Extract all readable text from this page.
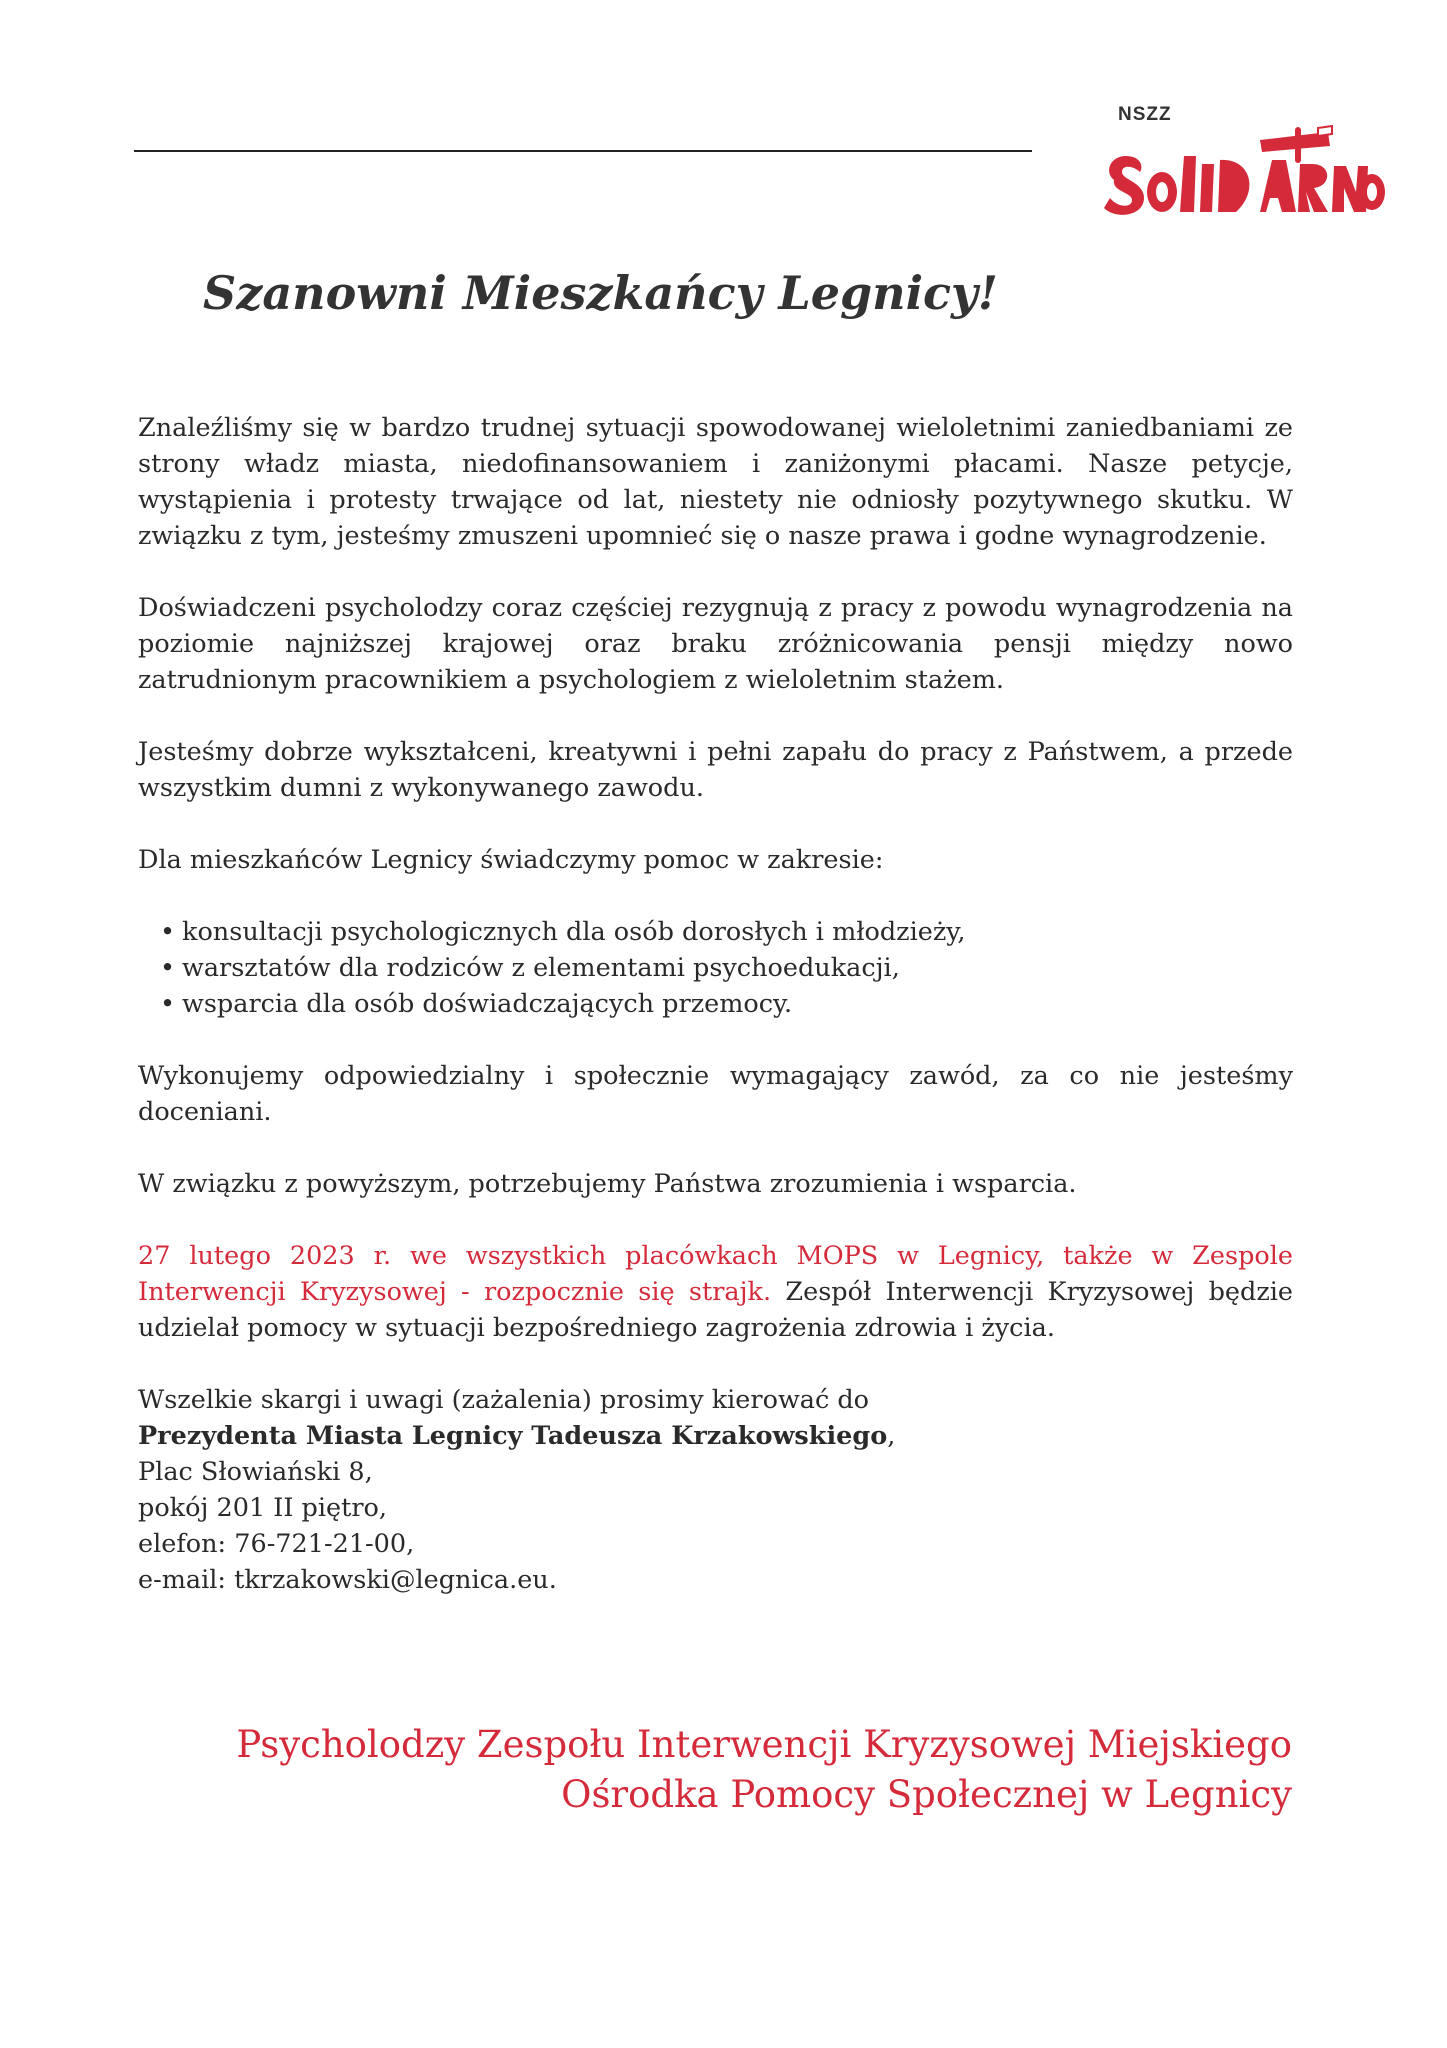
NSZZ
Szanowni Mieszkańcy Legnicy!

Znaleźliśmy się w bardzo trudnej sytuacji spowodowanej wieloletnimi zaniedbaniami ze strony władz miasta, niedofinansowaniem i zaniżonymi płacami. Nasze petycje, wystąpienia i protesty trwające od lat, niestety nie odniosły pozytywnego skutku. W związku z tym, jesteśmy zmuszeni upomnieć się o nasze prawa i godne wynagrodzenie.

Doświadczeni psycholodzy coraz częściej rezygnują z pracy z powodu wynagrodzenia na poziomie najniższej krajowej oraz braku zróżnicowania pensji między nowo zatrudnionym pracownikiem a psychologiem z wieloletnim stażem.

Jesteśmy dobrze wykształceni, kreatywni i pełni zapału do pracy z Państwem, a przede wszystkim dumni z wykonywanego zawodu.

Dla mieszkańców Legnicy świadczymy pomoc w zakresie:

• konsultacji psychologicznych dla osób dorosłych i młodzieży,
• warsztatów dla rodziców z elementami psychoedukacji,
• wsparcia dla osób doświadczających przemocy.

Wykonujemy odpowiedzialny i społecznie wymagający zawód, za co nie jesteśmy doceniani.

W związku z powyższym, potrzebujemy Państwa zrozumienia i wsparcia.

27 lutego 2023 r. we wszystkich placówkach MOPS w Legnicy, także w Zespole Interwencji Kryzysowej - rozpocznie się strajk. Zespół Interwencji Kryzysowej będzie udzielał pomocy w sytuacji bezpośredniego zagrożenia zdrowia i życia.

Wszelkie skargi i uwagi (zażalenia) prosimy kierować do

Prezydenta Miasta Legnicy Tadeusza Krzakowskiego,

Plac Słowiański 8,

pokój 201 II piętro,

elefon: 76-721-21-00,

e-mail: tkrzakowski@legnica.eu.

Psycholodzy Zespołu Interwencji Kryzysowej Miejskiego
Ośrodka Pomocy Społecznej w Legnicy
